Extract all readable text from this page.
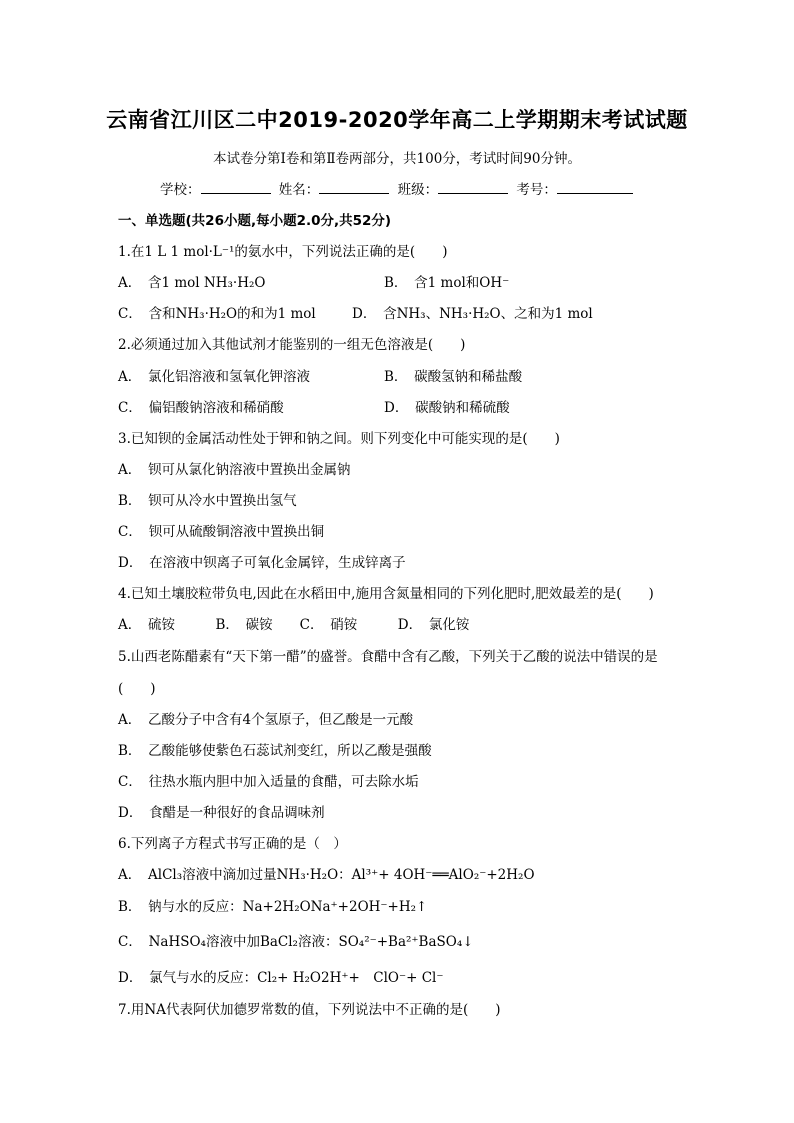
云南省江川区二中2019-2020学年高二上学期期末考试试题
本试卷分第Ⅰ卷和第Ⅱ卷两部分，共100分，考试时间90分钟。
学校：	姓名：	班级：	考号：
一、单选题(共26小题,每小题2.0分,共52分)
1.在1 L 1 mol·L⁻¹的氨水中，下列说法正确的是(　　)
A．　含1 mol NH₃·H₂O	B．　含1 mol和OH⁻
C．　含和NH₃·H₂O的和为1 mol	D．　含NH₃、NH₃·H₂O、之和为1 mol
2.必须通过加入其他试剂才能鉴别的一组无色溶液是(　　)
A．　氯化铝溶液和氢氧化钾溶液	B．　碳酸氢钠和稀盐酸
C．　偏铝酸钠溶液和稀硝酸	D．　碳酸钠和稀硫酸
3.已知钡的金属活动性处于钾和钠之间。则下列变化中可能实现的是(　　)
A．　钡可从氯化钠溶液中置换出金属钠
B．　钡可从冷水中置换出氢气
C．　钡可从硫酸铜溶液中置换出铜
D．　在溶液中钡离子可氧化金属锌，生成锌离子
4.已知土壤胶粒带负电,因此在水稻田中,施用含氮量相同的下列化肥时,肥效最差的是(　　)
A．　硫铵　　　B．　碳铵　　C．　硝铵　　　D．　氯化铵
5.山西老陈醋素有“天下第一醋”的盛誉。食醋中含有乙酸，下列关于乙酸的说法中错误的是
(　　)
A．　乙酸分子中含有4个氢原子，但乙酸是一元酸
B．　乙酸能够使紫色石蕊试剂变红，所以乙酸是强酸
C．　往热水瓶内胆中加入适量的食醋，可去除水垢
D．　食醋是一种很好的食品调味剂
6.下列离子方程式书写正确的是（　）
A．　AlCl₃溶液中滴加过量NH₃·H₂O：Al³⁺+ 4OH⁻══AlO₂⁻+2H₂O
B．　钠与水的反应：Na+2H₂ONa⁺+2OH⁻+H₂↑
C．　NaHSO₄溶液中加BaCl₂溶液：SO₄²⁻+Ba²⁺BaSO₄↓
D．　氯气与水的反应：Cl₂+ H₂O2H⁺+　ClO⁻+ Cl⁻
7.用NA代表阿伏加德罗常数的值，下列说法中不正确的是(　　)
